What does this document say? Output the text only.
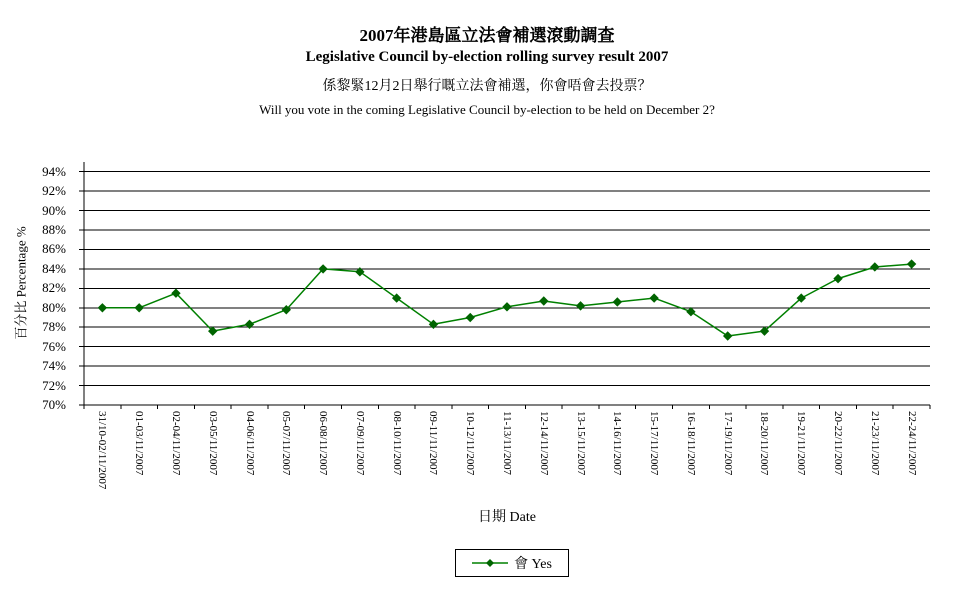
2007年港島區立法會補選滾動調查
Legislative Council by-election rolling survey result 2007
係黎緊12月2日舉行嘅立法會補選，你會唔會去投票？
Will you vote in the coming Legislative Council by-election to be held on December 2?
百分比 Percentage %
70%
72%
74%
76%
78%
80%
82%
84%
86%
88%
90%
92%
94%
31/10-02/11/2007 01-03/11/2007 02-04/11/2007 03-05/11/2007 04-06/11/2007 05-07/11/2007 06-08/11/2007 07-09/11/2007 08-10/11/2007 09-11/11/2007 10-12/11/2007 11-13/11/2007 12-14/11/2007 13-15/11/2007 14-16/11/2007 15-17/11/2007 16-18/11/2007 17-19/11/2007 18-20/11/2007 19-21/11/2007 20-22/11/2007 21-23/11/2007 22-24/11/2007
日期 Date
會 Yes
